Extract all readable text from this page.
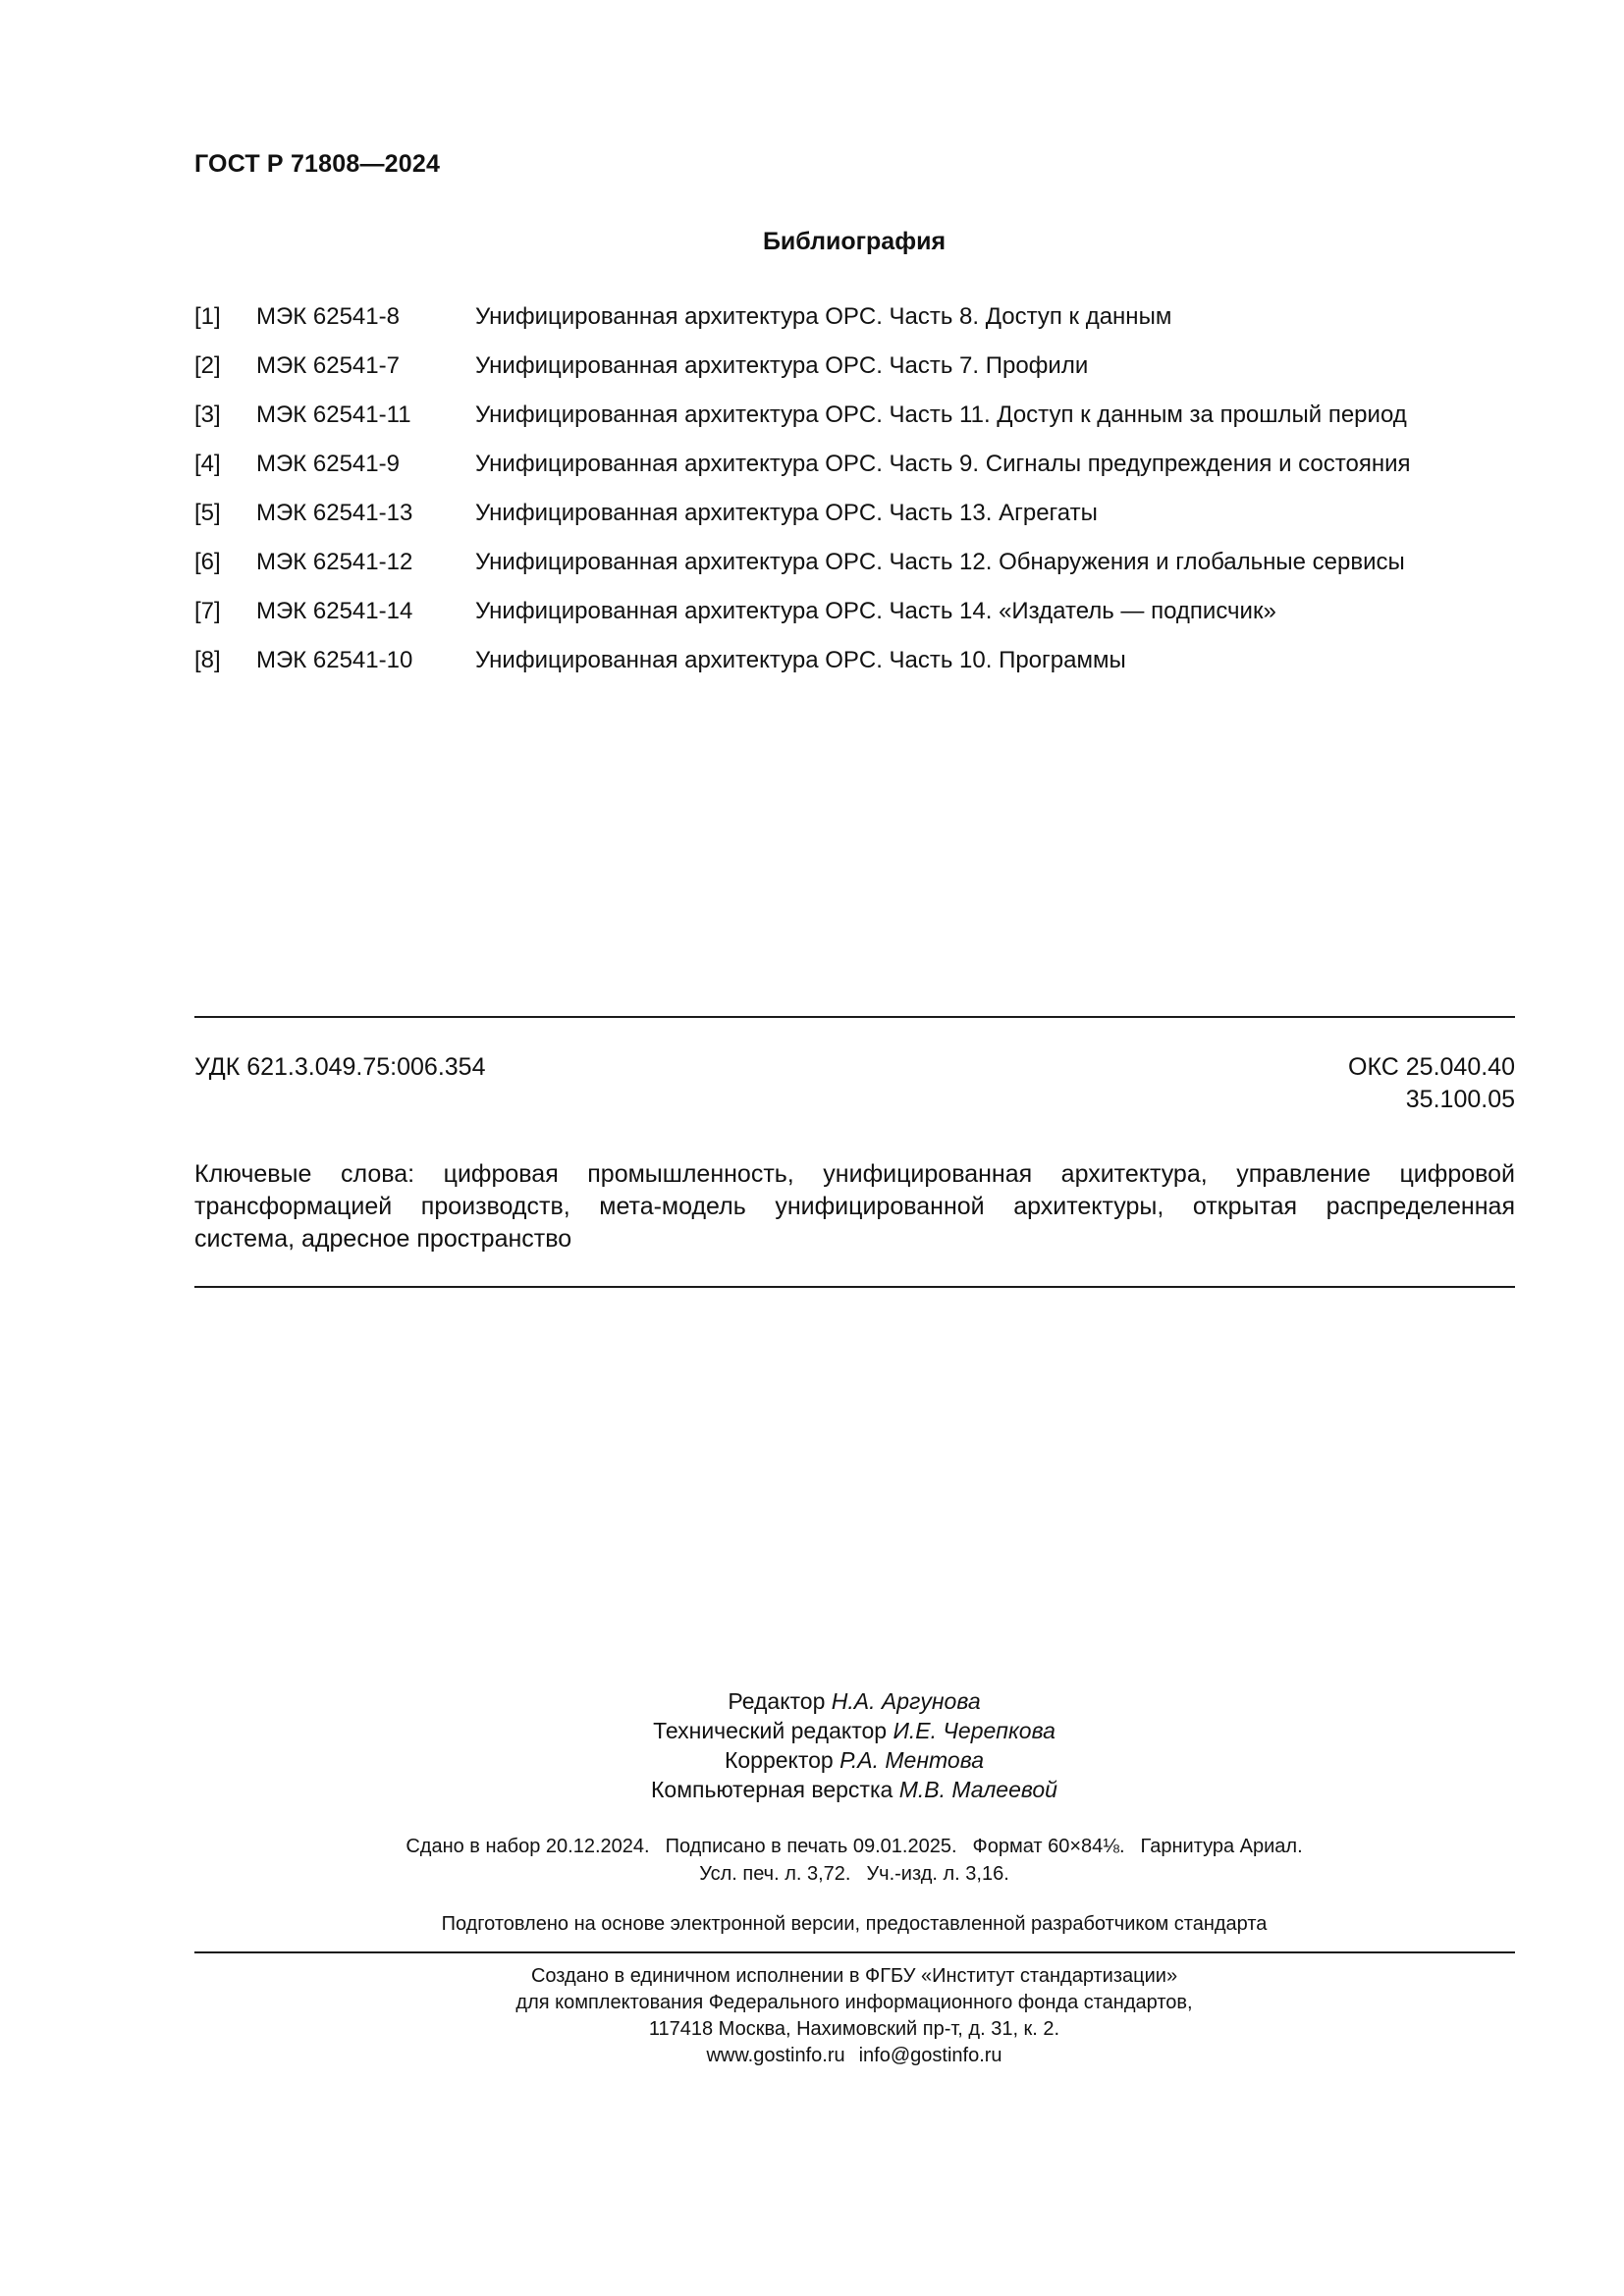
ГОСТ Р 71808—2024
Библиография
[1] МЭК 62541-8	Унифицированная архитектура OPC. Часть 8. Доступ к данным
[2] МЭК 62541-7	Унифицированная архитектура OPC. Часть 7. Профили
[3] МЭК 62541-11	Унифицированная архитектура OPC. Часть 11. Доступ к данным за прошлый период
[4] МЭК 62541-9	Унифицированная архитектура OPC. Часть 9. Сигналы предупреждения и состояния
[5] МЭК 62541-13	Унифицированная архитектура OPC. Часть 13. Агрегаты
[6] МЭК 62541-12	Унифицированная архитектура OPC. Часть 12. Обнаружения и глобальные сервисы
[7] МЭК 62541-14	Унифицированная архитектура OPC. Часть 14. «Издатель — подписчик»
[8] МЭК 62541-10	Унифицированная архитектура OPC. Часть 10. Программы
УДК 621.3.049.75:006.354	ОКС 25.040.40
35.100.05
Ключевые слова: цифровая промышленность, унифицированная архитектура, управление цифровой
трансформацией производств, мета-модель унифицированной архитектуры, открытая распределенная
система, адресное пространство
Редактор Н.А. Аргунова
Технический редактор И.Е. Черепкова
Корректор Р.А. Ментова
Компьютерная верстка М.В. Малеевой
Сдано в набор 20.12.2024. Подписано в печать 09.01.2025. Формат 60×84⅛. Гарнитура Ариал.
Усл. печ. л. 3,72. Уч.-изд. л. 3,16.
Подготовлено на основе электронной версии, предоставленной разработчиком стандарта
Создано в единичном исполнении в ФГБУ «Институт стандартизации»
для комплектования Федерального информационного фонда стандартов,
117418 Москва, Нахимовский пр-т, д. 31, к. 2.
www.gostinfo.ru info@gostinfo.ru
